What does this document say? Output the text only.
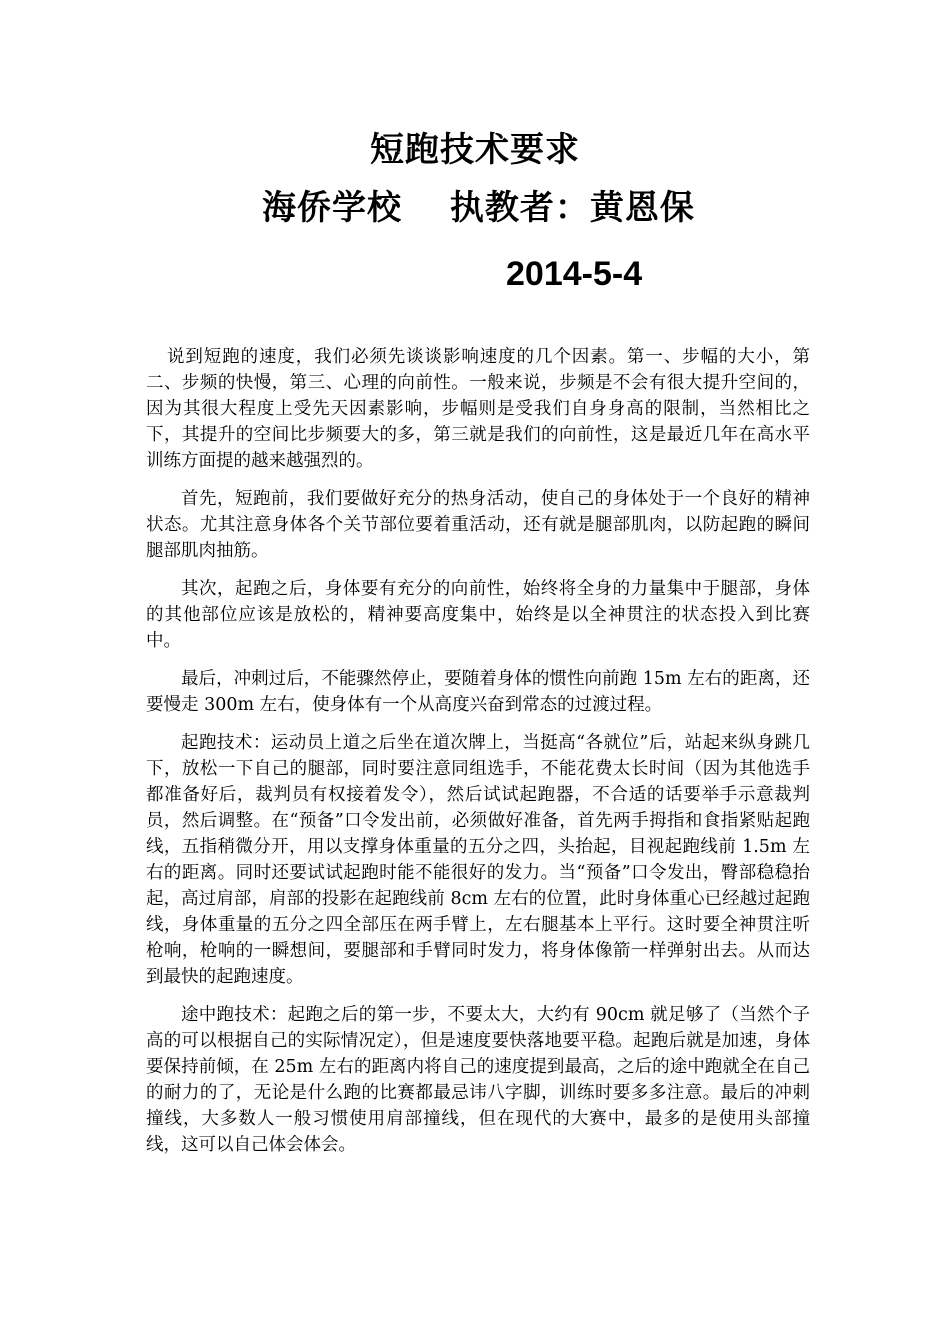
短跑技术要求
海侨学校　 执教者：黄恩保
2014-5-4

说到短跑的速度，我们必须先谈谈影响速度的几个因素。第一、步幅的大小，第二、步频的快慢，第三、心理的向前性。一般来说，步频是不会有很大提升空间的，因为其很大程度上受先天因素影响，步幅则是受我们自身身高的限制，当然相比之下，其提升的空间比步频要大的多，第三就是我们的向前性，这是最近几年在高水平训练方面提的越来越强烈的。

首先，短跑前，我们要做好充分的热身活动，使自己的身体处于一个良好的精神状态。尤其注意身体各个关节部位要着重活动，还有就是腿部肌肉，以防起跑的瞬间腿部肌肉抽筋。

其次，起跑之后，身体要有充分的向前性，始终将全身的力量集中于腿部，身体的其他部位应该是放松的，精神要高度集中，始终是以全神贯注的状态投入到比赛中。

最后，冲刺过后，不能骤然停止，要随着身体的惯性向前跑 15m 左右的距离，还要慢走 300m 左右，使身体有一个从高度兴奋到常态的过渡过程。

起跑技术：运动员上道之后坐在道次牌上，当挺高“各就位”后，站起来纵身跳几下，放松一下自己的腿部，同时要注意同组选手，不能花费太长时间（因为其他选手都准备好后，裁判员有权接着发令），然后试试起跑器，不合适的话要举手示意裁判员，然后调整。在“预备”口令发出前，必须做好准备，首先两手拇指和食指紧贴起跑线，五指稍微分开，用以支撑身体重量的五分之四，头抬起，目视起跑线前 1.5m 左右的距离。同时还要试试起跑时能不能很好的发力。当“预备”口令发出，臀部稳稳抬起，高过肩部，肩部的投影在起跑线前 8cm 左右的位置，此时身体重心已经越过起跑线，身体重量的五分之四全部压在两手臂上，左右腿基本上平行。这时要全神贯注听枪响，枪响的一瞬想间，要腿部和手臂同时发力，将身体像箭一样弹射出去。从而达到最快的起跑速度。

途中跑技术：起跑之后的第一步，不要太大，大约有 90cm 就足够了（当然个子高的可以根据自己的实际情况定），但是速度要快落地要平稳。起跑后就是加速，身体要保持前倾，在 25m 左右的距离内将自己的速度提到最高，之后的途中跑就全在自己的耐力的了，无论是什么跑的比赛都最忌讳八字脚，训练时要多多注意。最后的冲刺撞线，大多数人一般习惯使用肩部撞线，但在现代的大赛中，最多的是使用头部撞线，这可以自己体会体会。
